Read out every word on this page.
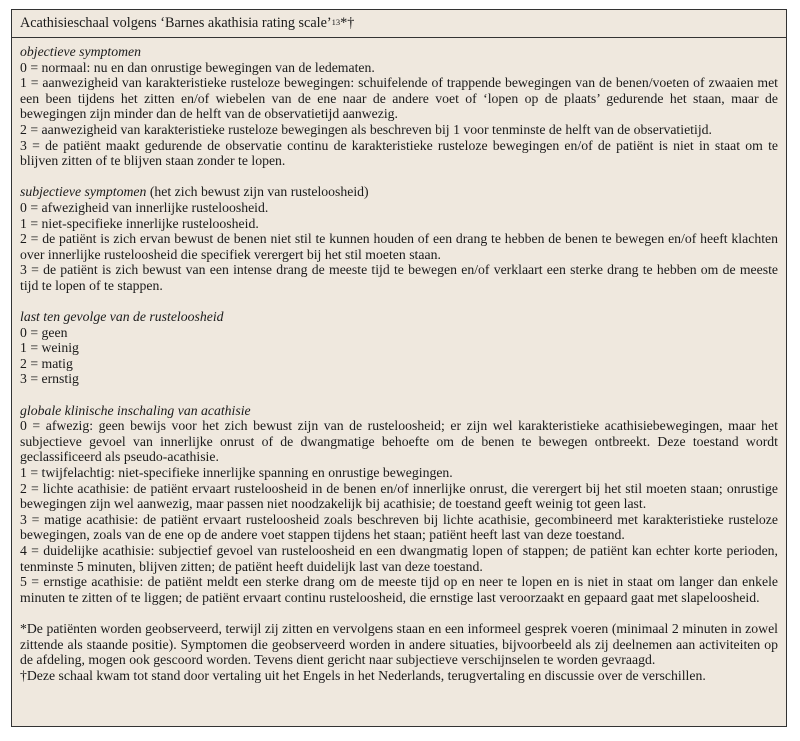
Acathisieschaal volgens ‘Barnes akathisia rating scale’$^{13}$*†

objectieve symptomen

0 = normaal: nu en dan onrustige bewegingen van de ledematen.

1 = aanwezigheid van karakteristieke rusteloze bewegingen: schuifelende of trappende bewegingen van de benen/voeten of zwaaien met een been tijdens het zitten en/of wiebelen van de ene naar de andere voet of ‘lopen op de plaats’ gedurende het staan, maar de bewegingen zijn minder dan de helft van de observatietijd aanwezig.

2 = aanwezigheid van karakteristieke rusteloze bewegingen als beschreven bij 1 voor tenminste de helft van de observatietijd.

3 = de patiënt maakt gedurende de observatie continu de karakteristieke rusteloze bewegingen en/of de patiënt is niet in staat om te blijven zitten of te blijven staan zonder te lopen.

subjectieve symptomen (het zich bewust zijn van rusteloosheid)

0 = afwezigheid van innerlijke rusteloosheid.

1 = niet-specifieke innerlijke rusteloosheid.

2 = de patiënt is zich ervan bewust de benen niet stil te kunnen houden of een drang te hebben de benen te bewegen en/of heeft klachten over innerlijke rusteloosheid die specifiek verergert bij het stil moeten staan.

3 = de patiënt is zich bewust van een intense drang de meeste tijd te bewegen en/of verklaart een sterke drang te hebben om de meeste tijd te lopen of te stappen.

last ten gevolge van de rusteloosheid

0 = geen

1 = weinig

2 = matig

3 = ernstig

globale klinische inschaling van acathisie

0 = afwezig: geen bewijs voor het zich bewust zijn van de rusteloosheid; er zijn wel karakteristieke acathisiebewegingen, maar het subjectieve gevoel van innerlijke onrust of de dwangmatige behoefte om de benen te bewegen ontbreekt. Deze toestand wordt geclassificeerd als pseudo-acathisie.

1 = twijfelachtig: niet-specifieke innerlijke spanning en onrustige bewegingen.

2 = lichte acathisie: de patiënt ervaart rusteloosheid in de benen en/of innerlijke onrust, die verergert bij het stil moeten staan; onrustige bewegingen zijn wel aanwezig, maar passen niet noodzakelijk bij acathisie; de toestand geeft weinig tot geen last.

3 = matige acathisie: de patiënt ervaart rusteloosheid zoals beschreven bij lichte acathisie, gecombineerd met karakteristieke rusteloze bewegingen, zoals van de ene op de andere voet stappen tijdens het staan; patiënt heeft last van deze toestand.

4 = duidelijke acathisie: subjectief gevoel van rusteloosheid en een dwangmatig lopen of stappen; de patiënt kan echter korte perioden, tenminste 5 minuten, blijven zitten; de patiënt heeft duidelijk last van deze toestand.

5 = ernstige acathisie: de patiënt meldt een sterke drang om de meeste tijd op en neer te lopen en is niet in staat om langer dan enkele minuten te zitten of te liggen; de patiënt ervaart continu rusteloosheid, die ernstige last veroorzaakt en gepaard gaat met slapeloosheid.

*De patiënten worden geobserveerd, terwijl zij zitten en vervolgens staan en een informeel gesprek voeren (minimaal 2 minuten in zowel zittende als staande positie). Symptomen die geobserveerd worden in andere situaties, bijvoorbeeld als zij deelnemen aan activiteiten op de afdeling, mogen ook gescoord worden. Tevens dient gericht naar subjectieve verschijnselen te worden gevraagd.

†Deze schaal kwam tot stand door vertaling uit het Engels in het Nederlands, terugvertaling en discussie over de verschillen.
